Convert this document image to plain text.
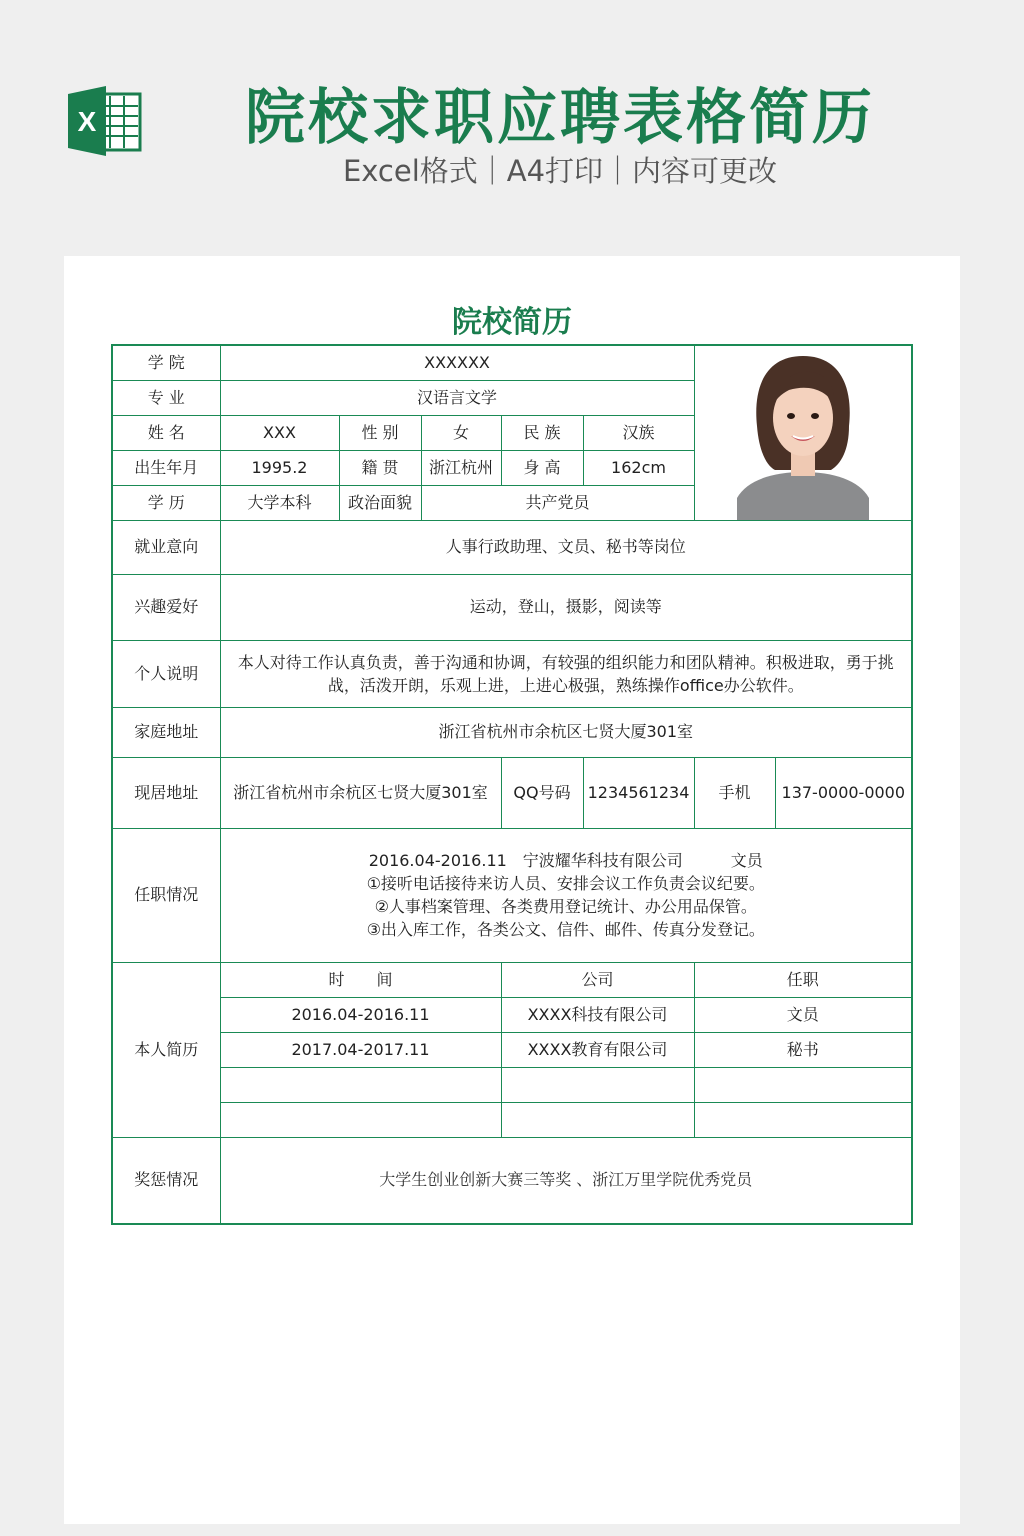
X	院校求职应聘表格简历
Excel格式｜A4打印｜内容可更改
院校简历
学 院	XXXXXX	

专 业	汉语言文学						
姓 名	XXX	性 别	女	民 族	汉族		
出生年月	1995.2	籍 贯	浙江杭州	身 高	162cm		
学 历	大学本科	政治面貌	共产党员				
就业意向	人事行政助理、文员、秘书等岗位						
兴趣爱好	运动，登山，摄影，阅读等						
个人说明	本人对待工作认真负责，善于沟通和协调，有较强的组织能力和团队精神。积极进取，勇于挑
战，活泼开朗，乐观上进，上进心极强，熟练操作office办公软件。						

家庭地址	浙江省杭州市余杭区七贤大厦301室						
现居地址	浙江省杭州市余杭区七贤大厦301室			QQ号码	1234561234	手机	137-0000-0000
任职情况	2016.04-2016.11　宁波耀华科技有限公司　　　文员
①接听电话接待来访人员、安排会议工作负责会议纪要。
②人事档案管理、各类费用登记统计、办公用品保管。
③出入库工作，各类公文、信件、邮件、传真分发登记。						

本人简历	时　　间			公司		任职	
	2016.04-2016.11			XXXX科技有限公司		文员	
	2017.04-2017.11			XXXX教育有限公司		秘书	

奖惩情况	大学生创业创新大赛三等奖 、浙江万里学院优秀党员						
